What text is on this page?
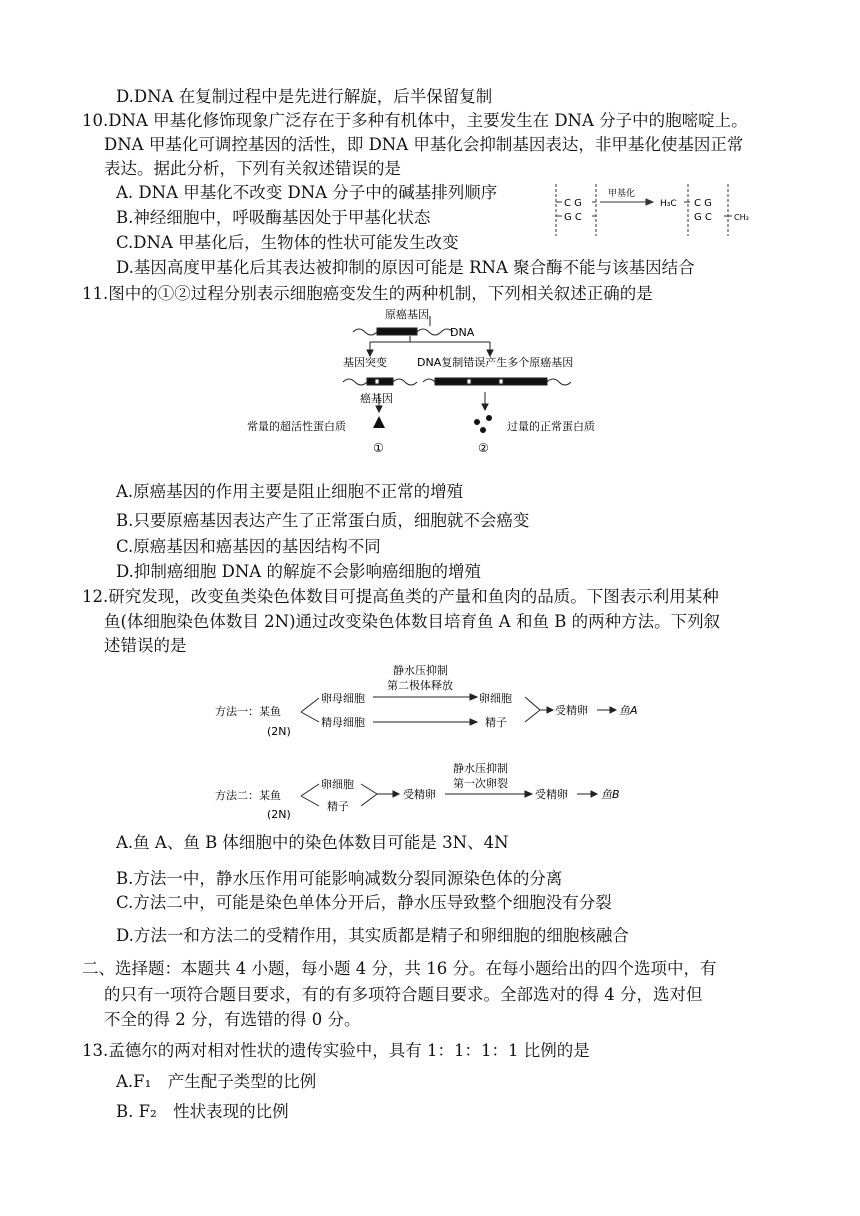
D.DNA 在复制过程中是先进行解旋，后半保留复制
10.DNA 甲基化修饰现象广泛存在于多种有机体中，主要发生在 DNA 分子中的胞嘧啶上。
DNA 甲基化可调控基因的活性，即 DNA 甲基化会抑制基因表达，非甲基化使基因正常
表达。据此分析，下列有关叙述错误的是
A. DNA 甲基化不改变 DNA 分子中的碱基排列顺序
B.神经细胞中，呼吸酶基因处于甲基化状态
C.DNA 甲基化后，生物体的性状可能发生改变
D.基因高度甲基化后其表达被抑制的原因可能是 RNA 聚合酶不能与该基因结合
C G
G C
甲基化
H₃C C G
G C	CH₃
11.图中的①②过程分别表示细胞癌变发生的两种机制，下列相关叙述正确的是
原癌基因
DNA
基因突变	DNA复制错误产生多个原癌基因
癌基因
常量的超活性蛋白质	过量的正常蛋白质
①	②
A.原癌基因的作用主要是阻止细胞不正常的增殖
B.只要原癌基因表达产生了正常蛋白质，细胞就不会癌变
C.原癌基因和癌基因的基因结构不同
D.抑制癌细胞 DNA 的解旋不会影响癌细胞的增殖
12.研究发现，改变鱼类染色体数目可提高鱼类的产量和鱼肉的品质。下图表示利用某种
鱼(体细胞染色体数目 2N)通过改变染色体数目培育鱼 A 和鱼 B 的两种方法。下列叙
述错误的是
方法一：某鱼
(2N)
卵母细胞
精母细胞
静水压抑制
第二极体释放
卵细胞
精子
受精卵	鱼A
方法二：某鱼
(2N)
卵细胞
精子
受精卵
静水压抑制
第一次卵裂
受精卵	鱼B
A.鱼 A、鱼 B 体细胞中的染色体数目可能是 3N、4N
B.方法一中，静水压作用可能影响减数分裂同源染色体的分离
C.方法二中，可能是染色单体分开后，静水压导致整个细胞没有分裂
D.方法一和方法二的受精作用，其实质都是精子和卵细胞的细胞核融合
二、选择题：本题共 4 小题，每小题 4 分，共 16 分。在每小题给出的四个选项中，有
的只有一项符合题目要求，有的有多项符合题目要求。全部选对的得 4 分，选对但
不全的得 2 分，有选错的得 0 分。
13.孟德尔的两对相对性状的遗传实验中，具有 1：1：1：1 比例的是
A.F₁　产生配子类型的比例
B. F₂　性状表现的比例
